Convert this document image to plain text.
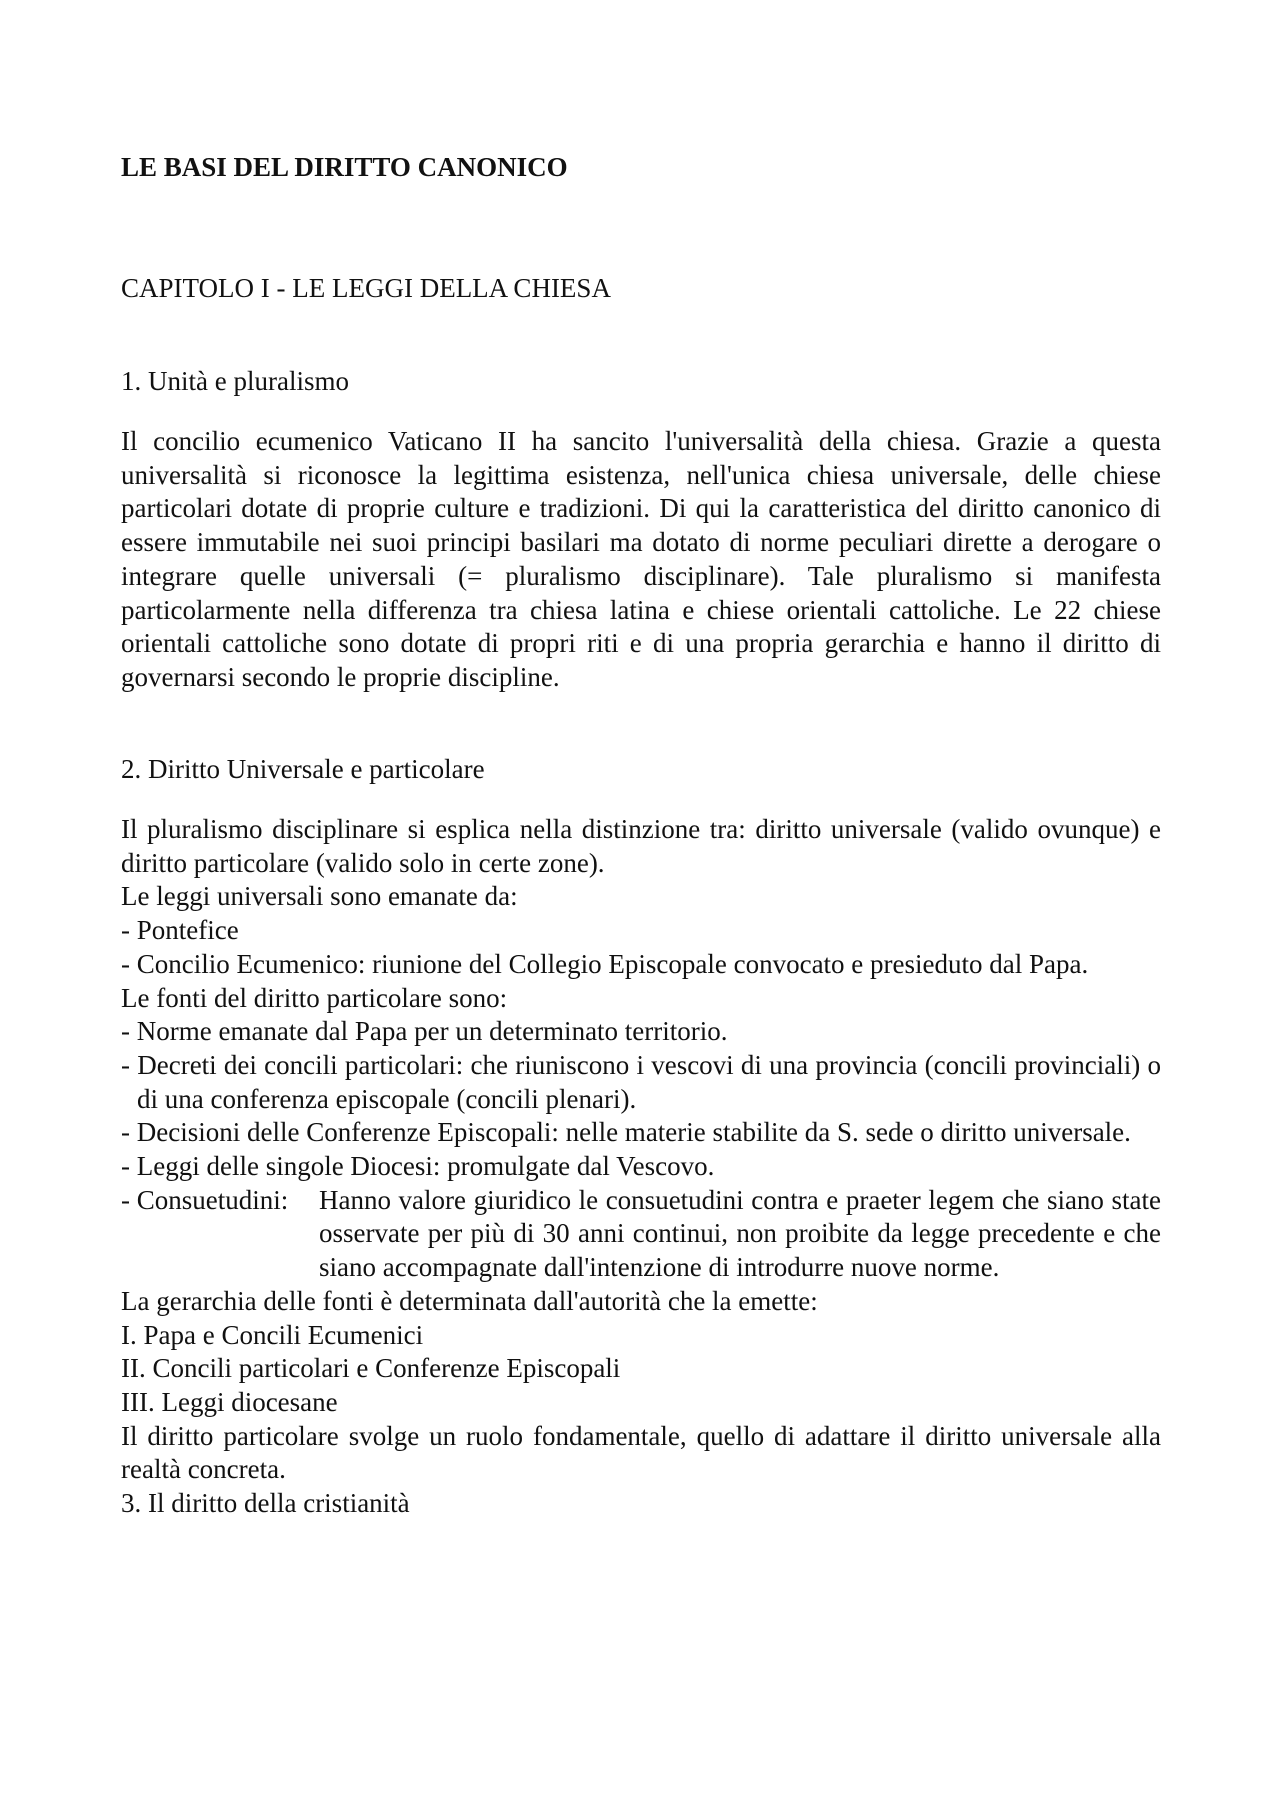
LE BASI DEL DIRITTO CANONICO
CAPITOLO I - LE LEGGI DELLA CHIESA
1. Unità e pluralismo

Il concilio ecumenico Vaticano II ha sancito l'universalità della chiesa. Grazie a questa universalità si riconosce la legittima esistenza, nell'unica chiesa universale, delle chiese particolari dotate di proprie culture e tradizioni. Di qui la caratteristica del diritto canonico di essere immutabile nei suoi principi basilari ma dotato di norme peculiari dirette a derogare o integrare quelle universali (= pluralismo disciplinare). Tale pluralismo si manifesta particolarmente nella differenza tra chiesa latina e chiese orientali cattoliche. Le 22 chiese orientali cattoliche sono dotate di propri riti e di una propria gerarchia e hanno il diritto di governarsi secondo le proprie discipline.

2. Diritto Universale e particolare

Il pluralismo disciplinare si esplica nella distinzione tra: diritto universale (valido ovunque) e diritto particolare (valido solo in certe zone).

Le leggi universali sono emanate da:

- Pontefice

- Concilio Ecumenico: riunione del Collegio Episcopale convocato e presieduto dal Papa.

Le fonti del diritto particolare sono:

- Norme emanate dal Papa per un determinato territorio.

- Decreti dei concili particolari: che riuniscono i vescovi di una provincia (concili provinciali) o di una conferenza episcopale (concili plenari).

- Decisioni delle Conferenze Episcopali: nelle materie stabilite da S. sede o diritto universale.

- Leggi delle singole Diocesi: promulgate dal Vescovo.

- Consuetudini:	Hanno valore giuridico le consuetudini contra e praeter legem che siano state osservate per più di 30 anni continui, non proibite da legge precedente e che siano accompagnate dall'intenzione di introdurre nuove norme.

La gerarchia delle fonti è determinata dall'autorità che la emette:

I. Papa e Concili Ecumenici

II. Concili particolari e Conferenze Episcopali

III. Leggi diocesane

Il diritto particolare svolge un ruolo fondamentale, quello di adattare il diritto universale alla realtà concreta.

3. Il diritto della cristianità
